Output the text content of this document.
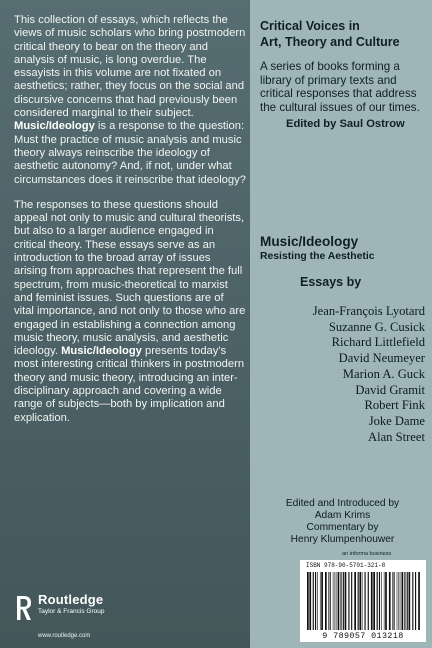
This collection of essays, which reflects the views of music scholars who bring postmodern critical theory to bear on the theory and analysis of music, is long overdue. The essayists in this volume are not fixated on aesthetics; rather, they focus on the social and discursive concerns that had previously been considered marginal to their subject. Music/Ideology is a response to the question: Must the practice of music analysis and music theory always reinscribe the ideology of aesthetic autonomy? And, if not, under what circumstances does it reinscribe that ideology?

The responses to these questions should appeal not only to music and cultural theorists, but also to a larger audience engaged in critical theory. These essays serve as an introduction to the broad array of issues arising from approaches that represent the full spectrum, from music-theoretical to marxist and feminist issues. Such questions are of vital importance, and not only to those who are engaged in establishing a connection among music theory, music analysis, and aesthetic ideology. Music/Ideology presents today's most interesting critical thinkers in postmodern theory and music theory, introducing an inter-disciplinary approach and covering a wide range of subjects—both by implication and explication.

Critical Voices in
Art, Theory and Culture

A series of books forming a library of primary texts and critical responses that address the cultural issues of our times.

Edited by Saul Ostrow
Music/Ideology
Resisting the Aesthetic
Essays by
Jean-François Lyotard
Suzanne G. Cusick
Richard Littlefield
David Neumeyer
Marion A. Guck
David Gramit
Robert Fink
Joke Dame
Alan Street
Edited and Introduced by
Adam Krims
Commentary by
Henry Klumpenhouwer
an informa business
ISBN 978-90-5701-321-8
9 789057 013218
Routledge
Taylor & Francis Group
www.routledge.com
